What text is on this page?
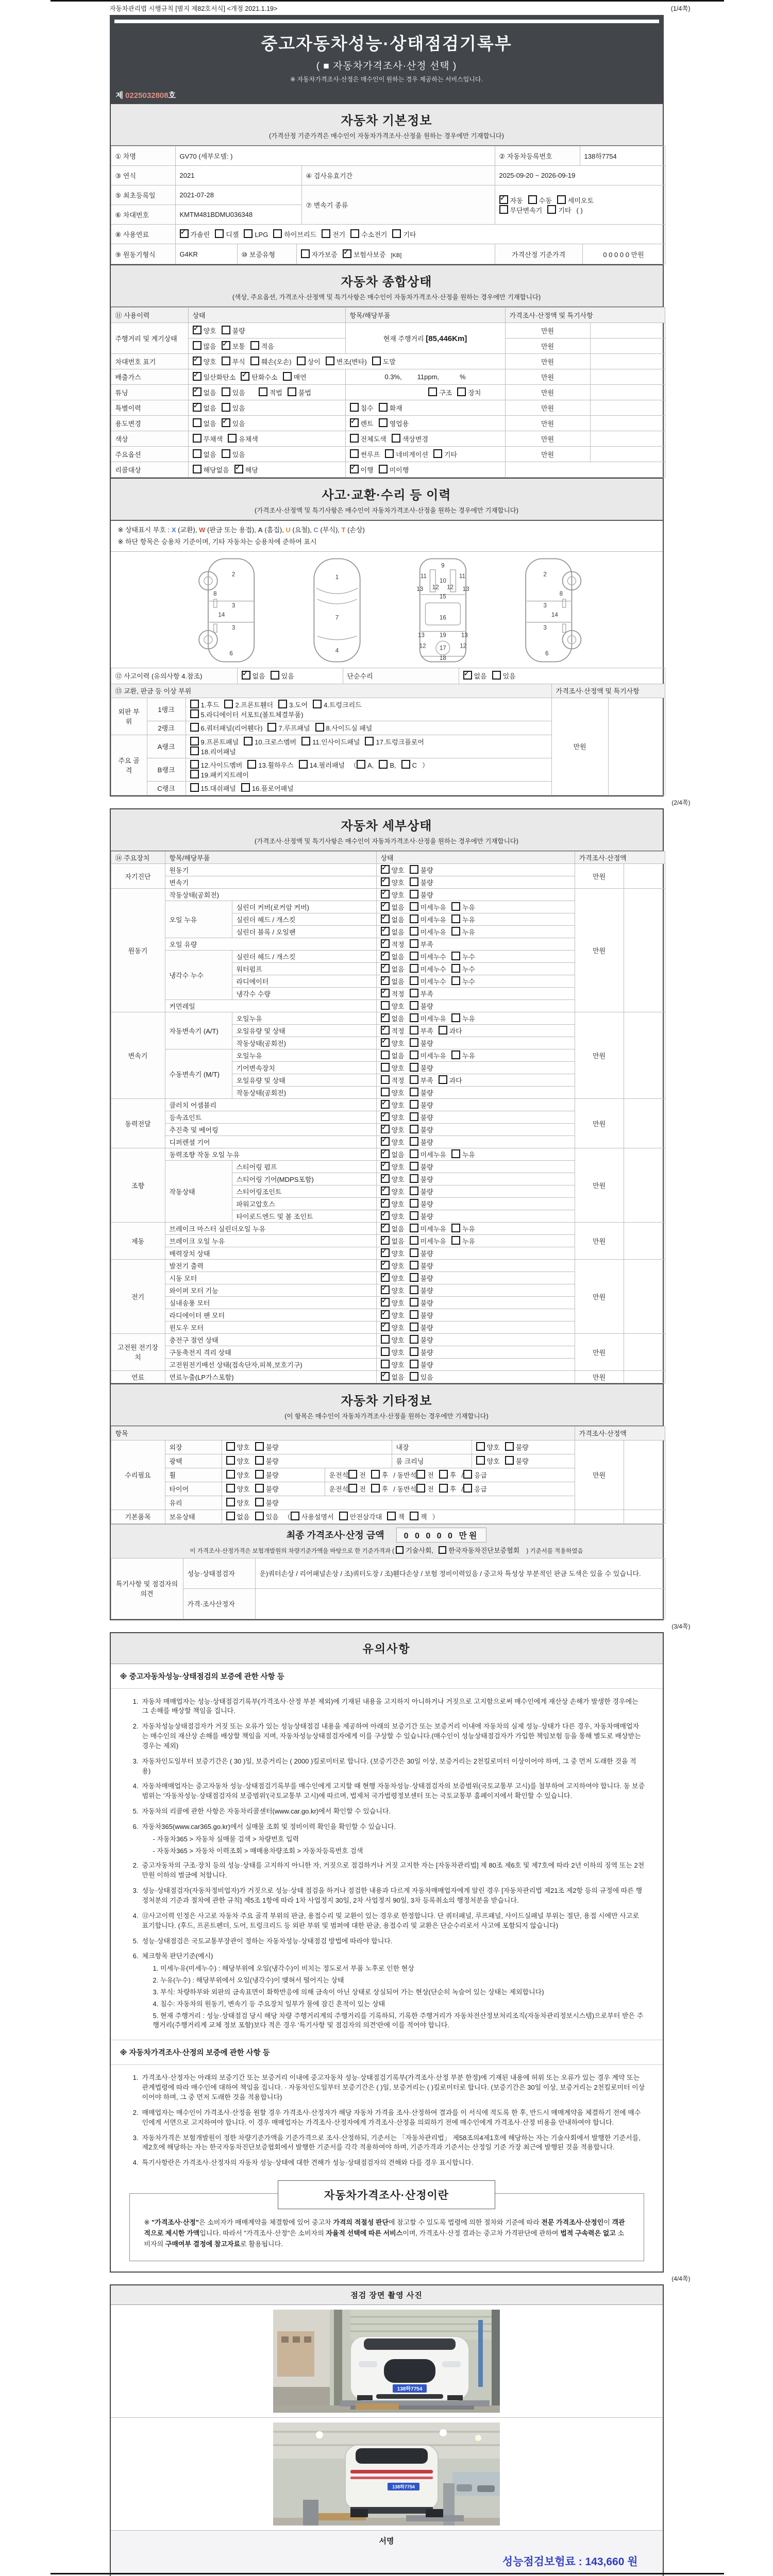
자동차관리법 시행규칙 [별지 제82호서식] <개정 2021.1.19>	(1/4쪽)
중고자동차성능·상태점검기록부
( ■ 자동차가격조사·산정 선택 )
※ 자동차가격조사·산정은 매수인이 원하는 경우 제공하는 서비스입니다.
제 0225032808호
자동차 기본정보
(가격산정 기준가격은 매수인이 자동차가격조사·산정을 원하는 경우에만 기재합니다)
① 차명	GV70 (세부모델: )		② 자동차등록번호	138하7754
③ 연식	2021	④ 검사유효기간	2025-09-20 ~ 2026-09-19	
⑤ 최초등록일	2021-07-28	⑦ 변속기 종류	✓자동 수동 세미오토
무단변속기 기타 ( )
⑥ 차대번호	KMTM481BDMU036348			
⑧ 사용연료	✓가솔린 디젤 LPG 하이브리드 전기 수소전기 기타
⑨ 원동기형식	G4KR	⑩ 보증유형	자가보증 ✓ 보험사보증 [KB]	가격산정 기준가격	0 0 0 0 0 만원
자동차 종합상태
(색상, 주요옵션, 가격조사·산정액 및 특기사항은 매수인이 자동차가격조사·산정을 원하는 경우에만 기재합니다)
⑪ 사용이력	상태	항목/해당부품	가격조사·산정액 및 특기사항	
주행거리 및 계기상태	✓양호 불량	현재 주행거리 [85,446Km]	만원	
	많음 ✓ 보통 적음		만원	
차대번호 표기	✓양호 부식 훼손(오손) 상이 변조(변타) 도말		만원	
배출가스	✓일산화탄소 ✓ 탄화수소 매연	0.3%, 11ppm, %	만원	
튜닝	✓없음 있음 적법 불법	구조 장치	만원	
특별이력	✓없음 있음	침수 화재	만원	
용도변경	없음 ✓ 있음	✓렌트 영업용	만원	
색상	무채색 유채색	전체도색 색상변경	만원	
주요옵션	없음 있음	썬루프 네비게이션 기타	만원	
리콜대상	해당없음 ✓ 해당	✓이행 미이행	
사고·교환·수리 등 이력
(가격조사·산정액 및 특기사항은 매수인이 자동차가격조사·산정을 원하는 경우에만 기재합니다)
※ 상태표시 부호 : X (교환), W (판금 또는 용접), A (흠집), U (요철), C (부식), T (손상)
※ 하단 항목은 승용차 기준이며, 기타 자동차는 승용차에 준하여 표시
2
8
3
14
3
6
1
7
4
9
11	11
13 12 12 13
10
15
16
13 19 13
12 17 12
18
2
8
3
14
3
6
⑫ 사고이력 (유의사항 4.참조)	✓없음 있음	단순수리	✓없음 있음
⑬ 교환, 판금 등 이상 부위			가격조사·산정액 및 특기사항	
외판 부위	1랭크	1.후드 2.프론트휀더 3.도어 4.트렁크리드
5.라디에이터 서포트(볼트체결부품)	만원	
	2랭크	6.쿼터패널(리어휀다) 7.루프패널 8.사이드실 패널		
주요 골격	A랭크	9.프론트패널 10.크로스멤버 11.인사이드패널 17.트렁크플로어
18.리어패널		
	B랭크	12.사이드멤버 13.휠하우스 14.필러패널 （ A, B, C ）
19.패키지트레이		
	C랭크	15.대쉬패널 16.플로어패널		
(2/4쪽)
자동차 세부상태
(가격조사·산정액 및 특기사항은 매수인이 자동차가격조사·산정을 원하는 경우에만 기재합니다)
⑭ 주요장치	항목/해당부품		상태	가격조사·산정액	
자기진단	원동기	✓양호 불량	만원	
	변속기	✓양호 불량
원동기	작동상태(공회전)	✓양호 불량	만원	
	오일 누유	실린더 커버(로커암 커버)	✓없음 미세누유 누유
		실린더 헤드 / 개스킷	✓없음 미세누유 누유
		실린더 블록 / 오일팬	✓없음 미세누유 누유
	오일 유량	✓적정 부족
	냉각수 누수	실린더 헤드 / 개스킷	✓없음 미세누수 누수
		워터펌프	✓없음 미세누수 누수
		라디에이터	✓없음 미세누수 누수
		냉각수 수량	✓적정 부족
	커먼레일		양호 불량		
변속기	자동변속기 (A/T)	오일누유	✓없음 미세누유 누유	만원	
		오일유량 및 상태	✓적정 부족 과다
		작동상태(공회전)	✓양호 불량
	수동변속기 (M/T)	오일누유	없음 미세누유 누유		
		기어변속장치	양호 불량		
		오일유량 및 상태	적정 부족 과다		
		작동상태(공회전)	양호 불량		
동력전달	클러치 어셈블리	✓양호 불량	만원	
	등속죠인트	✓양호 불량
	추진축 및 베어링	✓양호 불량
	디퍼렌셜 기어	✓양호 불량
조향	동력조향 작동 오일 누유	✓없음 미세누유 누유	만원	
	작동상태	스티어링 펌프	✓양호 불량
		스티어링 기어(MDPS포함)	✓양호 불량
		스티어링조인트	✓양호 불량
		파워고압호스	✓양호 불량
		타이로드엔드 및 볼 조인트	✓양호 불량
제동	브레이크 마스터 실린더오일 누유	✓없음 미세누유 누유	만원	
	브레이크 오일 누유	✓없음 미세누유 누유
	배력장치 상태	✓양호 불량
전기	발전기 출력	✓양호 불량	만원	
	시동 모터	✓양호 불량
	와이퍼 모터 기능	✓양호 불량
	실내송풍 모터	✓양호 불량
	라디에이터 팬 모터	✓양호 불량
	윈도우 모터	✓양호 불량
고전원 전기장치	충전구 절연 상태		양호 불량	만원	
	구동축전지 격리 상태		양호 불량		
	고전원전기배선 상태(접속단자,피복,보호기구)		양호 불량		
연료	연료누출(LP가스포함)	✓없음 있음	만원	
자동차 기타정보
(이 항목은 매수인이 자동차가격조사·산정을 원하는 경우에만 기재합니다)
항목						가격조사·산정액	
수리필요	외장	양호 불량		내장	양호 불량	만원	
	광택	양호 불량		룸 크리닝	양호 불량		
	휠	양호 불량	운전석 전 후 / 동반석 전 후 / 응급				
	타이어	양호 불량	운전석 전 후 / 동반석 전 후 / 응급				
	유리	양호 불량					
기본품목	보유상태	없음 있음 （ 사용설명서 안전삼각대 잭 잭 ）					
최종 가격조사·산정 금액 0 0 0 0 0 만원
이 가격조사·산정가격은 보험개발원의 차량기준가액을 바탕으로 한 기준가격과 ( 기술사회, 한국자동차진단보증협회 ) 기준서를 적용하였음
특기사항 및 점검자의 의견	성능·상태점검자	운)쿼터손상 / 리어패널손상 / 조)쿼터도장 / 조)휀다손상 / 보험 정비이력있음 / 중고차 특성상 부분적인 판금 도색은 있을 수 있습니다.
	가격·조사산정자	
(3/4쪽)
유의사항
※ 중고자동차성능·상태점검의 보증에 관한 사항 등
1. 자동차 매매업자는 성능·상태점검기록부(가격조사·산정 부분 제외)에 기재된 내용을 고지하지 아니하거나 거짓으로 고지함으로써 매수인에게 재산상 손해가 발생한 경우에는 그 손해를 배상할 책임을 집니다.
2. 자동차성능상태점검자가 거짓 또는 오류가 있는 성능상태점검 내용을 제공하여 아래의 보증기간 또는 보증거리 이내에 자동차의 실제 성능·상태가 다른 경우, 자동차매매업자는 매수인의 재산상 손해를 배상할 책임을 지며, 자동차성능상태점검자에게 이를 구상할 수 있습니다.(매수인이 성능상태점검자가 가입한 책임보험 등을 통해 별도로 배상받는 경우는 제외)
3. 자동차인도일부터 보증기간은 ( 30 )일, 보증거리는 ( 2000 )킬로미터로 합니다. (보증기간은 30일 이상, 보증거리는 2천킬로미터 이상이어야 하며, 그 중 먼저 도래한 것을 적용)
4. 자동차매매업자는 중고자동차 성능·상태점검기록부를 매수인에게 고지할 때 현행 자동차성능·상태점검자의 보증범위(국토교통부 고시)를 첨부하여 고지하여야 합니다. 동 보증범위는 '자동차성능·상태점검자의 보증범위'(국토교통부 고시)에 따르며, 법제처 국가법령정보센터 또는 국토교통부 홈페이지에서 확인할 수 있습니다.
5. 자동차의 리콜에 관한 사항은 자동차리콜센터(www.car.go.kr)에서 확인할 수 있습니다.
6. 자동차365(www.car365.go.kr)에서 실매물 조회 및 정비이력 확인을 확인할 수 있습니다.
- 자동차365 > 자동차 실매물 검색 > 차량번호 입력
- 자동차365 > 자동차 이력조회 > 매매용차량조회 > 자동차등록번호 검색
2. 중고자동차의 구조·장치 등의 성능·상태를 고지하지 아니한 자, 거짓으로 점검하거나 거짓 고지한 자는 [자동차관리법] 제 80조 제6호 및 제7호에 따라 2년 이하의 징역 또는 2천만원 이하의 벌금에 처합니다.
3. 성능·상태점검자(자동차정비업자)가 거짓으로 성능·상태 점검을 하거나 점검한 내용과 다르게 자동차매매업자에게 알린 경우 [자동차관리법 제21조 제2항 등의 규정에 따른 행정처분의 기준과 절차에 관한 규칙] 제5조 1항에 따라 1차 사업정지 30일, 2차 사업정지 90일, 3차 등록취소의 행정처분을 받습니다.
4. ⑫사고이력 인정은 사고로 자동차 주요 골격 부위의 판금, 용접수리 및 교환이 있는 경우로 한정합니다. 단 쿼터패널, 루프패널, 사이드실패널 부위는 절단, 용접 시에만 사고로 표기합니다. (후드, 프론트펜더, 도어, 트렁크리드 등 외판 부위 및 범퍼에 대한 판금, 용접수리 및 교환은 단순수리로서 사고에 포함되지 않습니다)
5. 성능·상태점검은 국토교통부장관이 정하는 자동차성능·상태점검 방법에 따라야 합니다.
6. 체크항목 판단기준(예시)
1. 미세누유(미세누수) : 해당부위에 오일(냉각수)이 비치는 정도로서 부품 노후로 인한 현상
2. 누유(누수) : 해당부위에서 오일(냉각수)이 맺혀서 떨어지는 상태
3. 부식: 차량하부와 외판의 금속표면이 화학반응에 의해 금속이 아닌 상태로 상실되어 가는 현상(단순히 녹슬어 있는 상태는 제외합니다)
4. 침수: 자동차의 원동기, 변속기 등 주요장치 일부가 물에 잠긴 흔적이 있는 상태
5. 현재 주행거리 : 성능·상태점검 당시 해당 차량 주행거리계의 주행거리를 기록하되, 기록한 주행거리가 자동차전산정보처리조직(자동차관리정보시스템)으로부터 받은 주행거리(주행거리계 교체 정보 포함)보다 적은 경우 '특기사항 및 점검자의 의견'란에 이를 적어야 합니다.
※ 자동차가격조사·산정의 보증에 관한 사항 등
1. 가격조사·산정자는 아래의 보증기간 또는 보증거리 이내에 중고자동차 성능·상태점검기록부(가격조사·산정 부분 한정)에 기재된 내용에 허위 또는 오류가 있는 경우 계약 또는 관계법령에 따라 매수인에 대하여 책임을 집니다. · 자동차인도일부터 보증기간은 ( )일, 보증거리는 ( )킬로미터로 합니다. (보증기간은 30일 이상, 보증거리는 2천킬로미터 이상이어야 하며, 그 중 먼저 도래한 것을 적용합니다)
2. 매매업자는 매수인이 가격조사·산정을 원할 경우 가격조사·산정자가 해당 자동차 가격을 조사·산정하여 결과를 이 서식에 적도록 한 후, 반드시 매매계약을 체결하기 전에 매수인에게 서면으로 고지하여야 합니다. 이 경우 매매업자는 가격조사·산정자에게 가격조사·산정을 의뢰하기 전에 매수인에게 가격조사·산정 비용을 안내하여야 합니다.
3. 자동차가격은 보험개발원이 정한 차량기준가액을 기준가격으로 조사·산정하되, 기준서는 「자동차관리법」 제58조의4제1호에 해당하는 자는 기술사회에서 발행한 기준서를, 제2호에 해당하는 자는 한국자동차진단보증협회에서 발행한 기준서를 각각 적용하여야 하며, 기준가격과 기준서는 산정일 기준 가장 최근에 발행된 것을 적용합니다.
4. 특기사항란은 가격조사·산정자의 자동차 성능·상태에 대한 견해가 성능·상태점검자의 견해와 다를 경우 표시합니다.
자동차가격조사·산정이란
※ "가격조사·산정"은 소비자가 매매계약을 체결함에 있어 중고차 가격의 적절성 판단에 참고할 수 있도록 법령에 의한 절차와 기준에 따라 전문 가격조사·산정인이 객관적으로 제시한 가액입니다. 따라서 "가격조사·산정"은 소비자의 자율적 선택에 따른 서비스이며, 가격조사·산정 결과는 중고차 가격판단에 관하여 법적 구속력은 없고 소비자의 구매여부 결정에 참고자료로 활용됩니다.
(4/4쪽)
점검 장면 촬영 사진
138하7754
138하7754
서명
성능점검보험료 : 143,660 원
